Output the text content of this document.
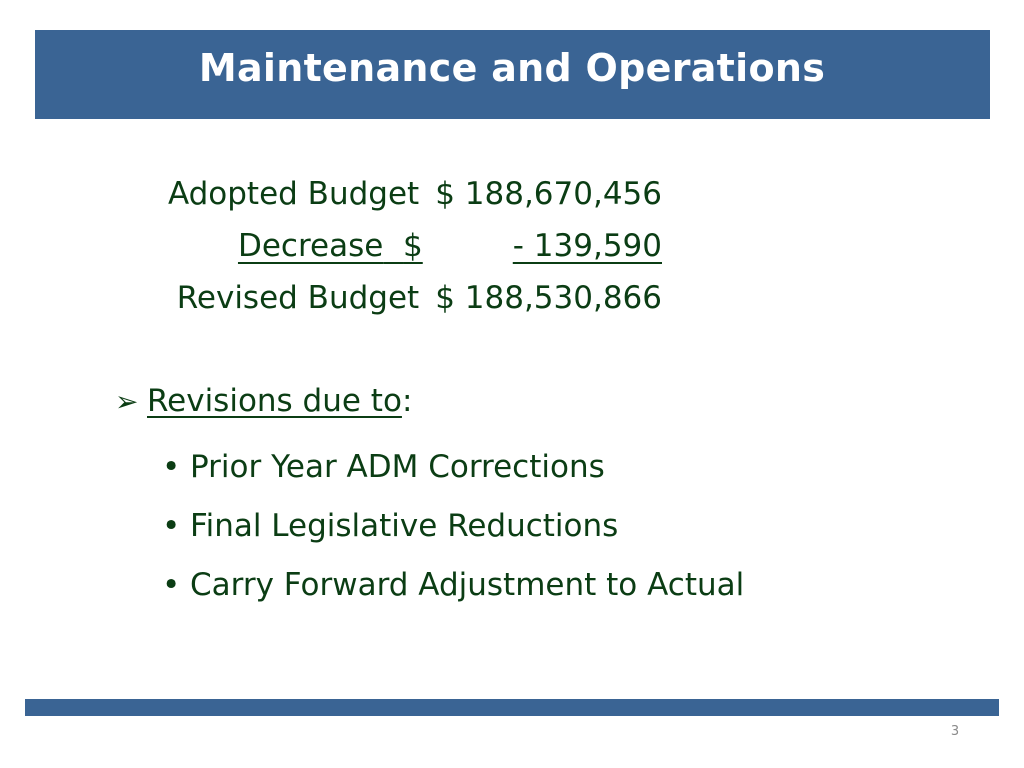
Maintenance and Operations
Adopted Budget $ 188,670,456
Decrease $	- 139,590
Revised Budget $ 188,530,866
➢ Revisions due to:
• Prior Year ADM Corrections
• Final Legislative Reductions
• Carry Forward Adjustment to Actual
3
